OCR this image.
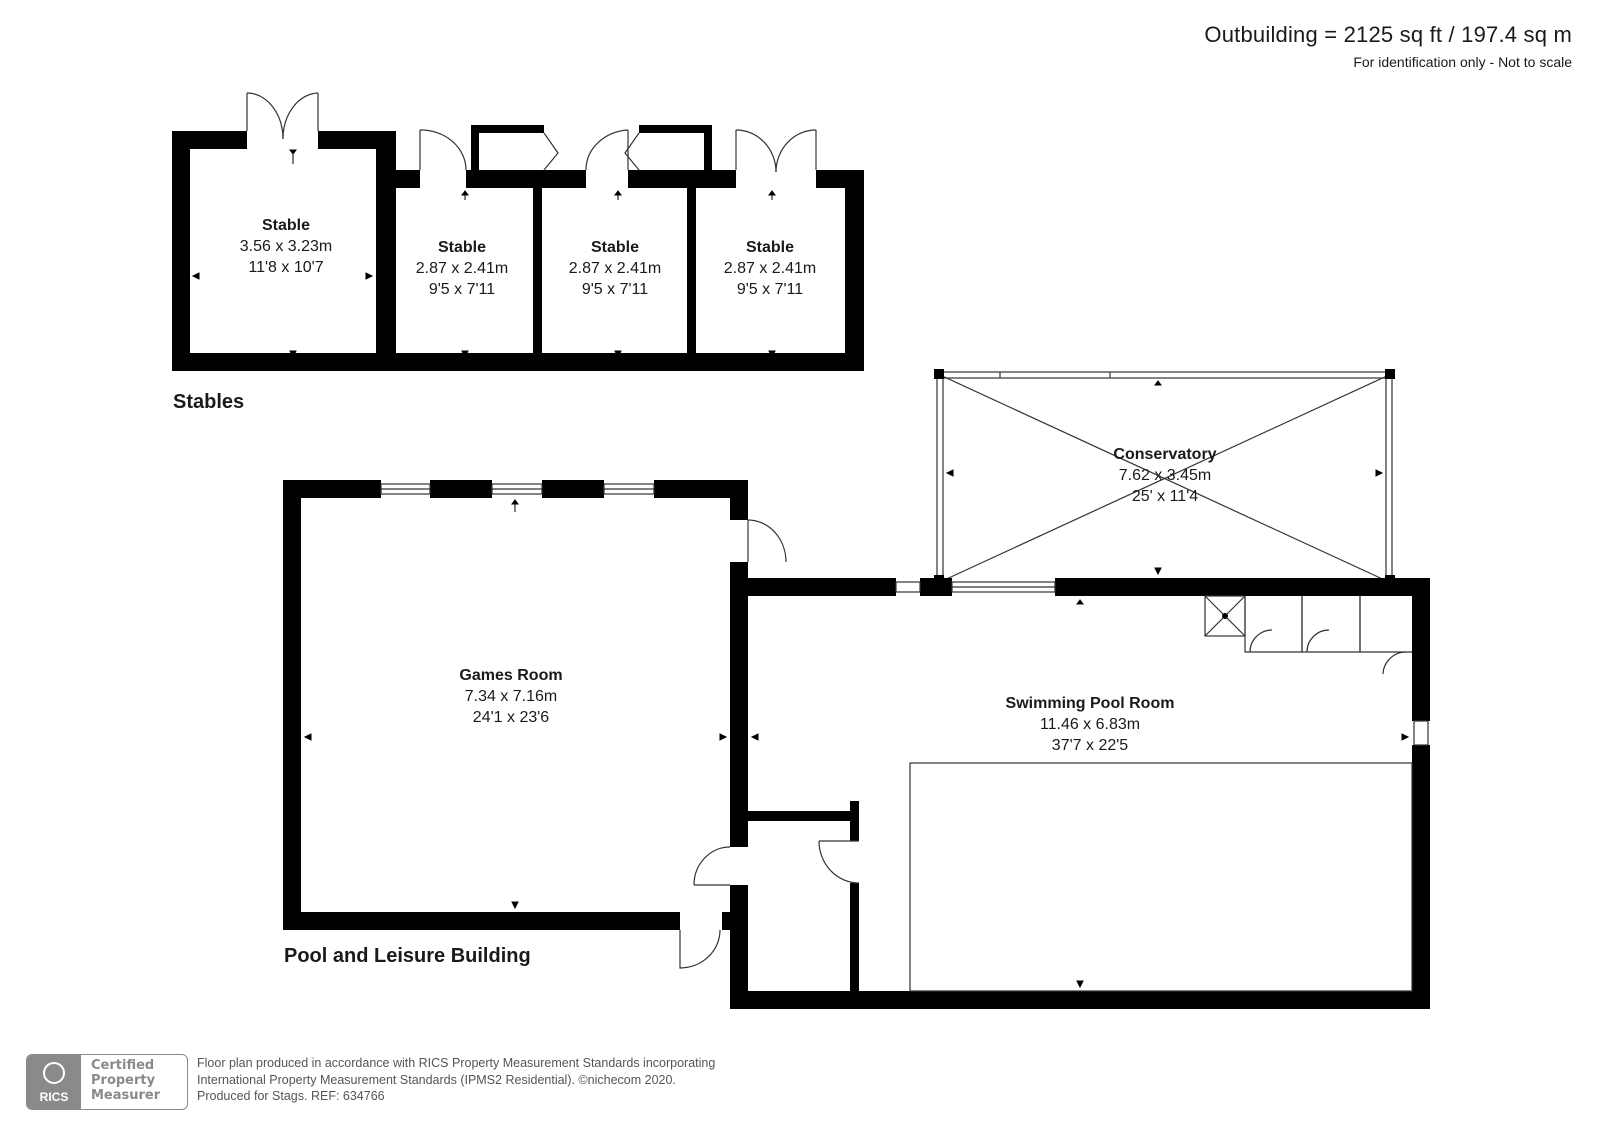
Outbuilding = 2125 sq ft / 197.4 sq m
For identification only - Not to scale
Stable
3.56 x 3.23m
11'8 x 10'7
Stable
2.87 x 2.41m
9'5 x 7'11
Stable
2.87 x 2.41m
9'5 x 7'11
Stable
2.87 x 2.41m
9'5 x 7'11
Conservatory
7.62 x 3.45m
25' x 11'4
Games Room
7.34 x 7.16m
24'1 x 23'6
Swimming Pool Room
11.46 x 6.83m
37'7 x 22'5
Stables
Pool and Leisure Building
RICS
Certified
Property
Measurer
Floor plan produced in accordance with RICS Property Measurement Standards incorporating
International Property Measurement Standards (IPMS2 Residential). ©nichecom 2020.
Produced for Stags. REF: 634766
